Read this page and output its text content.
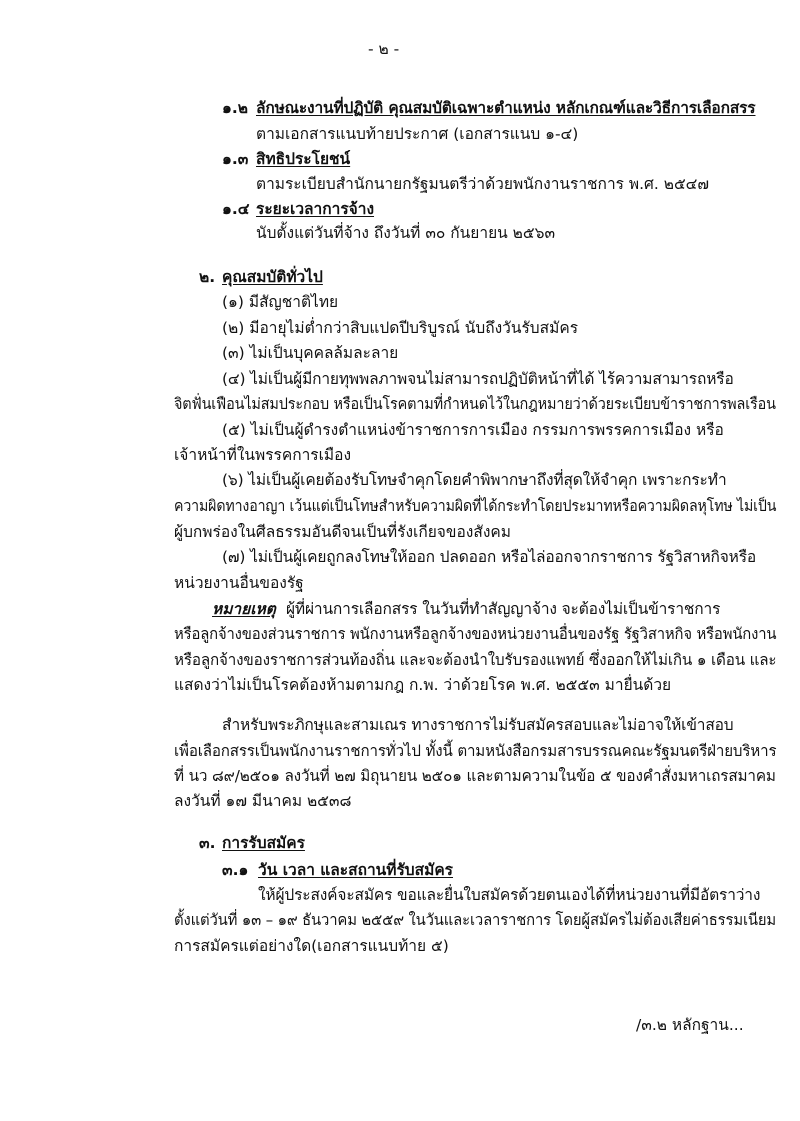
- ๒ -
๑.๒ ลักษณะงานที่ปฏิบัติ คุณสมบัติเฉพาะตำแหน่ง หลักเกณฑ์และวิธีการเลือกสรร
ตามเอกสารแนบท้ายประกาศ (เอกสารแนบ ๑-๔)
๑.๓ สิทธิประโยชน์
ตามระเบียบสำนักนายกรัฐมนตรีว่าด้วยพนักงานราชการ พ.ศ. ๒๕๔๗
๑.๔ ระยะเวลาการจ้าง
นับตั้งแต่วันที่จ้าง ถึงวันที่ ๓๐ กันยายน ๒๕๖๓
๒. คุณสมบัติทั่วไป
(๑) มีสัญชาติไทย
(๒) มีอายุไม่ต่ำกว่าสิบแปดปีบริบูรณ์ นับถึงวันรับสมัคร
(๓) ไม่เป็นบุคคลล้มละลาย
(๔) ไม่เป็นผู้มีกายทุพพลภาพจนไม่สามารถปฏิบัติหน้าที่ได้ ไร้ความสามารถหรือ
จิตฟั่นเฟือนไม่สมประกอบ หรือเป็นโรคตามที่กำหนดไว้ในกฎหมายว่าด้วยระเบียบข้าราชการพลเรือน
(๕) ไม่เป็นผู้ดำรงตำแหน่งข้าราชการการเมือง กรรมการพรรคการเมือง หรือ
เจ้าหน้าที่ในพรรคการเมือง
(๖) ไม่เป็นผู้เคยต้องรับโทษจำคุกโดยคำพิพากษาถึงที่สุดให้จำคุก เพราะกระทำ
ความผิดทางอาญา เว้นแต่เป็นโทษสำหรับความผิดที่ได้กระทำโดยประมาทหรือความผิดลหุโทษ ไม่เป็น
ผู้บกพร่องในศีลธรรมอันดีจนเป็นที่รังเกียจของสังคม
(๗) ไม่เป็นผู้เคยถูกลงโทษให้ออก ปลดออก หรือไล่ออกจากราชการ รัฐวิสาหกิจหรือ
หน่วยงานอื่นของรัฐ
หมายเหตุ ผู้ที่ผ่านการเลือกสรร ในวันที่ทำสัญญาจ้าง จะต้องไม่เป็นข้าราชการ
หรือลูกจ้างของส่วนราชการ พนักงานหรือลูกจ้างของหน่วยงานอื่นของรัฐ รัฐวิสาหกิจ หรือพนักงาน
หรือลูกจ้างของราชการส่วนท้องถิ่น และจะต้องนำใบรับรองแพทย์ ซึ่งออกให้ไม่เกิน ๑ เดือน และ
แสดงว่าไม่เป็นโรคต้องห้ามตามกฎ ก.พ. ว่าด้วยโรค พ.ศ. ๒๕๕๓ มายื่นด้วย
สำหรับพระภิกษุและสามเณร ทางราชการไม่รับสมัครสอบและไม่อาจให้เข้าสอบ
เพื่อเลือกสรรเป็นพนักงานราชการทั่วไป ทั้งนี้ ตามหนังสือกรมสารบรรณคณะรัฐมนตรีฝ่ายบริหาร
ที่ นว ๘๙/๒๕๐๑ ลงวันที่ ๒๗ มิถุนายน ๒๕๐๑ และตามความในข้อ ๕ ของคำสั่งมหาเถรสมาคม
ลงวันที่ ๑๗ มีนาคม ๒๕๓๘
๓. การรับสมัคร
๓.๑ วัน เวลา และสถานที่รับสมัคร
ให้ผู้ประสงค์จะสมัคร ขอและยื่นใบสมัครด้วยตนเองได้ที่หน่วยงานที่มีอัตราว่าง
ตั้งแต่วันที่ ๑๓ – ๑๙ ธันวาคม ๒๕๕๙ ในวันและเวลาราชการ โดยผู้สมัครไม่ต้องเสียค่าธรรมเนียม
การสมัครแต่อย่างใด(เอกสารแนบท้าย ๕)
/๓.๒ หลักฐาน...
